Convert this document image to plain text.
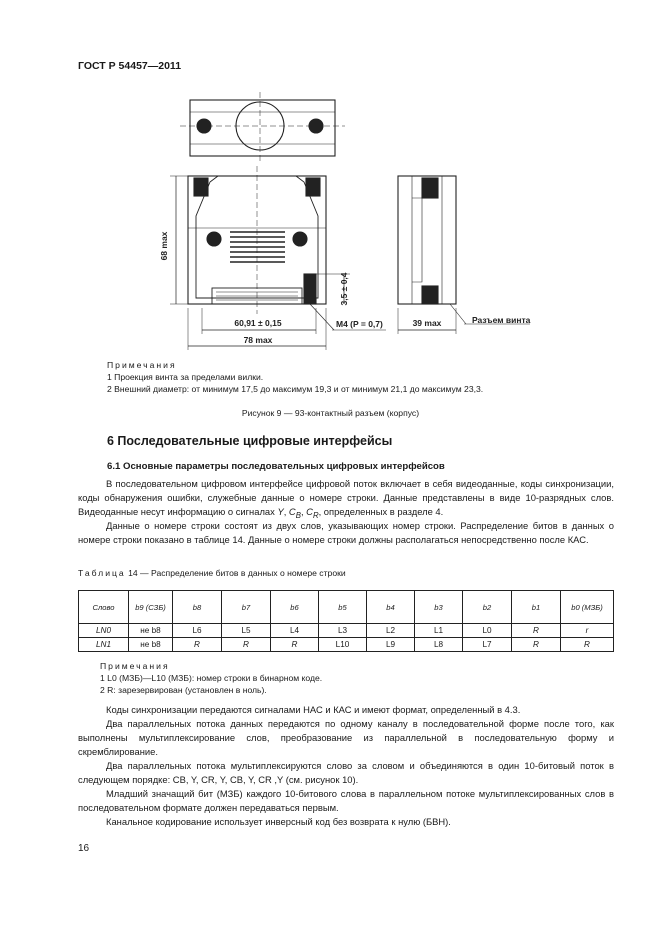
ГОСТ Р 54457—2011
68 max
3,5 ± 0,4
60,91 ± 0,15
78 max
M4 (P = 0,7)	39 max	Разъем винта
Примечания
1 Проекция винта за пределами вилки.
2 Внешний диаметр: от минимум 17,5 до максимум 19,3 и от минимум 21,1 до максимум 23,3.
Рисунок 9 — 93-контактный разъем (корпус)
6 Последовательные цифровые интерфейсы
6.1 Основные параметры последовательных цифровых интерфейсов
В последовательном цифровом интерфейсе цифровой поток включает в себя видеоданные, коды синхронизации, коды обнаружения ошибки, служебные данные о номере строки. Данные представлены в виде 10-разрядных слов. Видеоданные несут информацию о сигналах Y, $C_B$, $C_R$, определенных в разделе 4.
Данные о номере строки состоят из двух слов, указывающих номер строки. Распределение битов в данных о номере строки показано в таблице 14. Данные о номере строки должны располагаться непосредственно после КАС.
Таблица 14 — Распределение битов в данных о номере строки
Слово	b9 (СЗБ)	b8	b7	b6	b5	b4	b3	b2	b1	b0 (МЗБ)
LN0	не b8	L6	L5	L4	L3	L2	L1	L0	R	r
LN1	не b8	R	R	R	L10	L9	L8	L7	R	R
Примечания
1 L0 (МЗБ)—L10 (МЗБ): номер строки в бинарном коде.
2 R: зарезервирован (установлен в ноль).
Коды синхронизации передаются сигналами НАС и КАС и имеют формат, определенный в 4.3.
Два параллельных потока данных передаются по одному каналу в последовательной форме после того, как выполнены мультиплексирование слов, преобразование из параллельной в последовательную форму и скремблирование.
Два параллельных потока мультиплексируются слово за словом и объединяются в один 10-битовый поток в следующем порядке: CB, Y, CR, Y, CB, Y, CR ,Y (см. рисунок 10).
Младший значащий бит (МЗБ) каждого 10-битового слова в параллельном потоке мультиплексированных слов в последовательном формате должен передаваться первым.
Канальное кодирование использует инверсный код без возврата к нулю (БВН).
16
